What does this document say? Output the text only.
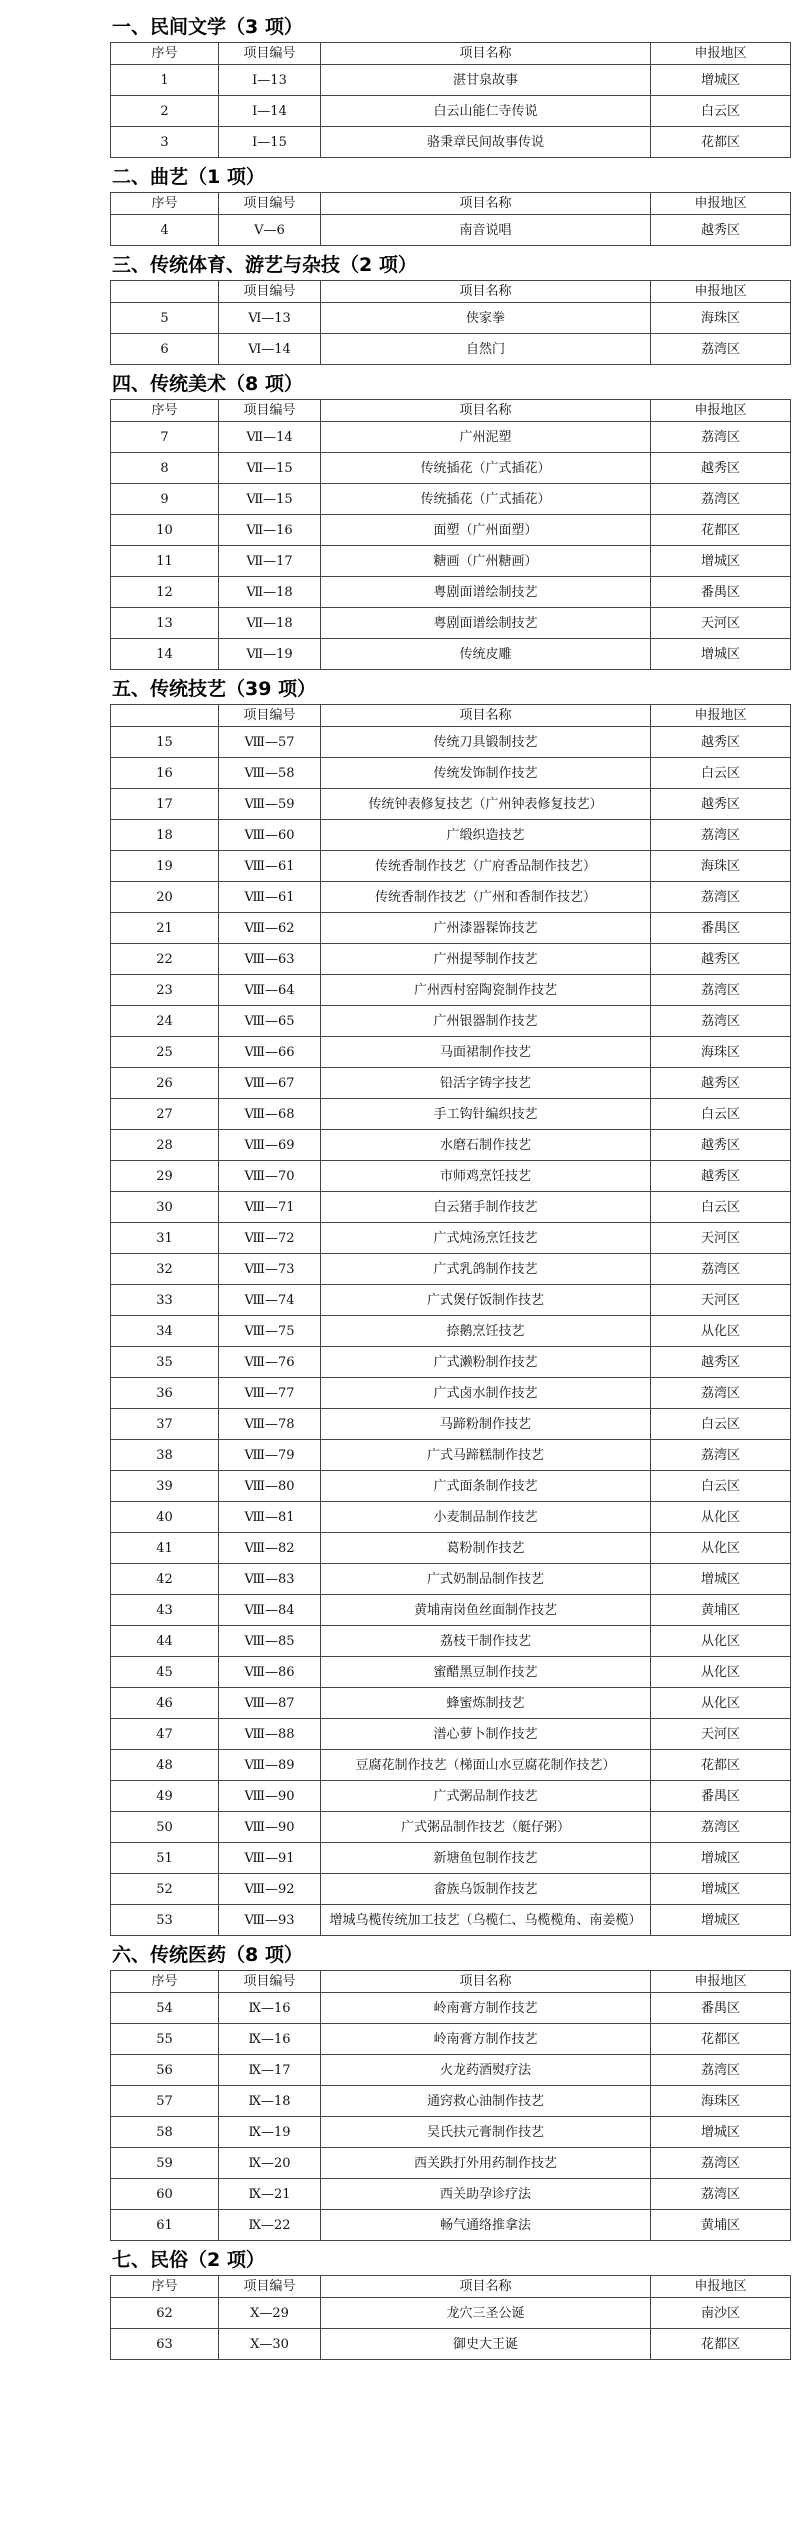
一、民间文学（3 项）
序号	项目编号	项目名称	申报地区
1	Ⅰ—13	湛甘泉故事	增城区
2	Ⅰ—14	白云山能仁寺传说	白云区
3	Ⅰ—15	骆秉章民间故事传说	花都区
二、曲艺（1 项）
序号	项目编号	项目名称	申报地区
4	Ⅴ—6	南音说唱	越秀区
三、传统体育、游艺与杂技（2 项）
	项目编号	项目名称	申报地区
5	Ⅵ—13	侠家拳	海珠区
6	Ⅵ—14	自然门	荔湾区
四、传统美术（8 项）
序号	项目编号	项目名称	申报地区
7	Ⅶ—14	广州泥塑	荔湾区
8	Ⅶ—15	传统插花（广式插花）	越秀区
9	Ⅶ—15	传统插花（广式插花）	荔湾区
10	Ⅶ—16	面塑（广州面塑）	花都区
11	Ⅶ—17	糖画（广州糖画）	增城区
12	Ⅶ—18	粤剧面谱绘制技艺	番禺区
13	Ⅶ—18	粤剧面谱绘制技艺	天河区
14	Ⅶ—19	传统皮雕	增城区
五、传统技艺（39 项）
	项目编号	项目名称	申报地区
15	Ⅷ—57	传统刀具锻制技艺	越秀区
16	Ⅷ—58	传统发饰制作技艺	白云区
17	Ⅷ—59	传统钟表修复技艺（广州钟表修复技艺）	越秀区
18	Ⅷ—60	广缎织造技艺	荔湾区
19	Ⅷ—61	传统香制作技艺（广府香品制作技艺）	海珠区
20	Ⅷ—61	传统香制作技艺（广州和香制作技艺）	荔湾区
21	Ⅷ—62	广州漆器髹饰技艺	番禺区
22	Ⅷ—63	广州提琴制作技艺	越秀区
23	Ⅷ—64	广州西村窑陶瓷制作技艺	荔湾区
24	Ⅷ—65	广州银器制作技艺	荔湾区
25	Ⅷ—66	马面裙制作技艺	海珠区
26	Ⅷ—67	铅活字铸字技艺	越秀区
27	Ⅷ—68	手工钩针编织技艺	白云区
28	Ⅷ—69	水磨石制作技艺	越秀区
29	Ⅷ—70	市师鸡烹饪技艺	越秀区
30	Ⅷ—71	白云猪手制作技艺	白云区
31	Ⅷ—72	广式炖汤烹饪技艺	天河区
32	Ⅷ—73	广式乳鸽制作技艺	荔湾区
33	Ⅷ—74	广式煲仔饭制作技艺	天河区
34	Ⅷ—75	捺鹅烹饪技艺	从化区
35	Ⅷ—76	广式濑粉制作技艺	越秀区
36	Ⅷ—77	广式卤水制作技艺	荔湾区
37	Ⅷ—78	马蹄粉制作技艺	白云区
38	Ⅷ—79	广式马蹄糕制作技艺	荔湾区
39	Ⅷ—80	广式面条制作技艺	白云区
40	Ⅷ—81	小麦制品制作技艺	从化区
41	Ⅷ—82	葛粉制作技艺	从化区
42	Ⅷ—83	广式奶制品制作技艺	增城区
43	Ⅷ—84	黄埔南岗鱼丝面制作技艺	黄埔区
44	Ⅷ—85	荔枝干制作技艺	从化区
45	Ⅷ—86	蜜醋黑豆制作技艺	从化区
46	Ⅷ—87	蜂蜜炼制技艺	从化区
47	Ⅷ—88	潽心萝卜制作技艺	天河区
48	Ⅷ—89	豆腐花制作技艺（梯面山水豆腐花制作技艺）	花都区
49	Ⅷ—90	广式粥品制作技艺	番禺区
50	Ⅷ—90	广式粥品制作技艺（艇仔粥）	荔湾区
51	Ⅷ—91	新塘鱼包制作技艺	增城区
52	Ⅷ—92	畲族乌饭制作技艺	增城区
53	Ⅷ—93	增城乌榄传统加工技艺（乌榄仁、乌榄榄角、南姜榄）	增城区
六、传统医药（8 项）
序号	项目编号	项目名称	申报地区
54	Ⅸ—16	岭南膏方制作技艺	番禺区
55	Ⅸ—16	岭南膏方制作技艺	花都区
56	Ⅸ—17	火龙药酒熨疗法	荔湾区
57	Ⅸ—18	通窍救心油制作技艺	海珠区
58	Ⅸ—19	吴氏扶元膏制作技艺	增城区
59	Ⅸ—20	西关跌打外用药制作技艺	荔湾区
60	Ⅸ—21	西关助孕诊疗法	荔湾区
61	Ⅸ—22	畅气通络推拿法	黄埔区
七、民俗（2 项）
序号	项目编号	项目名称	申报地区
62	Ⅹ—29	龙穴三圣公诞	南沙区
63	Ⅹ—30	御史大王诞	花都区
